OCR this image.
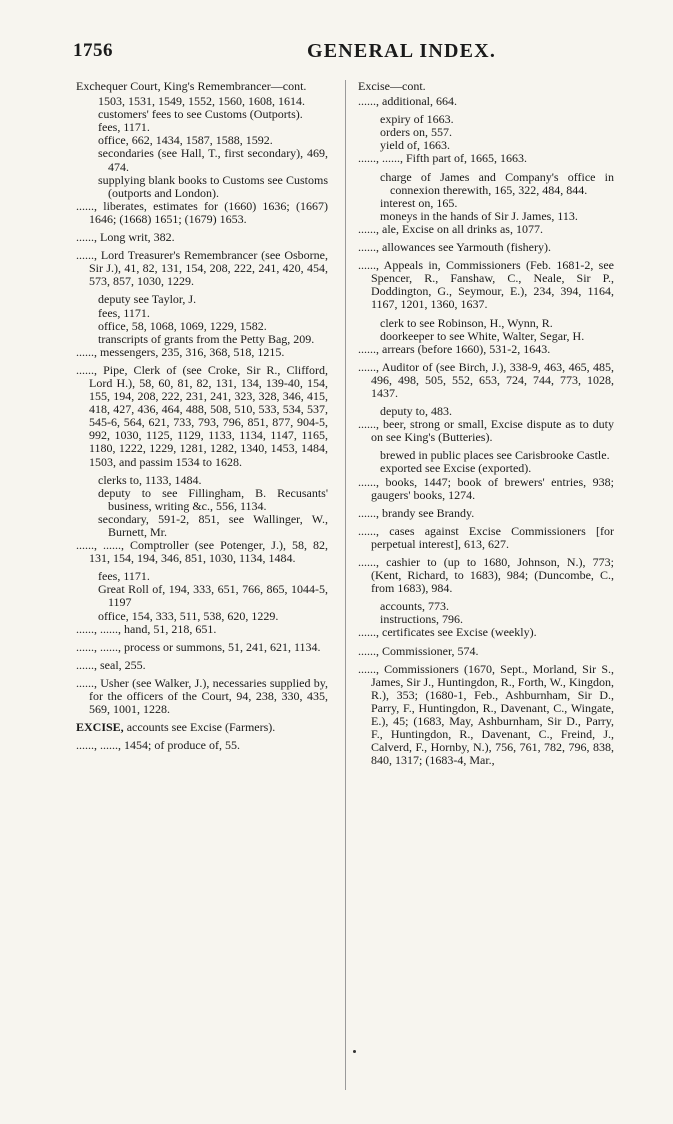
1756	GENERAL INDEX.
Exchequer Court, King's Remembrancer—cont.
1503, 1531, 1549, 1552, 1560, 1608, 1614.
customers' fees to see Customs (Outports).
fees, 1171.
office, 662, 1434, 1587, 1588, 1592.
secondaries (see Hall, T., first secondary), 469, 474.
supplying blank books to Customs see Customs (outports and London).
......, liberates, estimates for (1660) 1636; (1667) 1646; (1668) 1651; (1679) 1653.
......, Long writ, 382.
......, Lord Treasurer's Remembrancer (see Osborne, Sir J.), 41, 82, 131, 154, 208, 222, 241, 420, 454, 573, 857, 1030, 1229.
deputy see Taylor, J.
fees, 1171.
office, 58, 1068, 1069, 1229, 1582.
transcripts of grants from the Petty Bag, 209.
......, messengers, 235, 316, 368, 518, 1215.
......, Pipe, Clerk of (see Croke, Sir R., Clifford, Lord H.), 58, 60, 81, 82, 131, 134, 139-40, 154, 155, 194, 208, 222, 231, 241, 323, 328, 346, 415, 418, 427, 436, 464, 488, 508, 510, 533, 534, 537, 545-6, 564, 621, 733, 793, 796, 851, 877, 904-5, 992, 1030, 1125, 1129, 1133, 1134, 1147, 1165, 1180, 1222, 1229, 1281, 1282, 1340, 1453, 1484, 1503, and passim 1534 to 1628.
clerks to, 1133, 1484.
deputy to see Fillingham, B. Recusants' business, writing &c., 556, 1134.
secondary, 591-2, 851, see Wallinger, W., Burnett, Mr.
......, ......, Comptroller (see Potenger, J.), 58, 82, 131, 154, 194, 346, 851, 1030, 1134, 1484.
fees, 1171.
Great Roll of, 194, 333, 651, 766, 865, 1044-5, 1197
office, 154, 333, 511, 538, 620, 1229.
......, ......, hand, 51, 218, 651.
......, ......, process or summons, 51, 241, 621, 1134.
......, seal, 255.
......, Usher (see Walker, J.), necessaries supplied by, for the officers of the Court, 94, 238, 330, 435, 569, 1001, 1228.
EXCISE, accounts see Excise (Farmers).
......, ......, 1454; of produce of, 55.
Excise—cont.
......, additional, 664.
expiry of 1663.
orders on, 557.
yield of, 1663.
......, ......, Fifth part of, 1665, 1663.
charge of James and Company's office in connexion therewith, 165, 322, 484, 844.
interest on, 165.
moneys in the hands of Sir J. James, 113.
......, ale, Excise on all drinks as, 1077.
......, allowances see Yarmouth (fishery).
......, Appeals in, Commissioners (Feb. 1681-2, see Spencer, R., Fanshaw, C., Neale, Sir P., Doddington, G., Seymour, E.), 234, 394, 1164, 1167, 1201, 1360, 1637.
clerk to see Robinson, H., Wynn, R.
doorkeeper to see White, Walter, Segar, H.
......, arrears (before 1660), 531-2, 1643.
......, Auditor of (see Birch, J.), 338-9, 463, 465, 485, 496, 498, 505, 552, 653, 724, 744, 773, 1028, 1437.
deputy to, 483.
......, beer, strong or small, Excise dispute as to duty on see King's (Butteries).
brewed in public places see Carisbrooke Castle.
exported see Excise (exported).
......, books, 1447; book of brewers' entries, 938; gaugers' books, 1274.
......, brandy see Brandy.
......, cases against Excise Commissioners [for perpetual interest], 613, 627.
......, cashier to (up to 1680, Johnson, N.), 773; (Kent, Richard, to 1683), 984; (Duncombe, C., from 1683), 984.
accounts, 773.
instructions, 796.
......, certificates see Excise (weekly).
......, Commissioner, 574.
......, Commissioners (1670, Sept., Morland, Sir S., James, Sir J., Huntingdon, R., Forth, W., Kingdon, R.), 353; (1680-1, Feb., Ashburnham, Sir D., Parry, F., Huntingdon, R., Davenant, C., Wingate, E.), 45; (1683, May, Ashburnham, Sir D., Parry, F., Huntingdon, R., Davenant, C., Freind, J., Calverd, F., Hornby, N.), 756, 761, 782, 796, 838, 840, 1317; (1683-4, Mar.,
